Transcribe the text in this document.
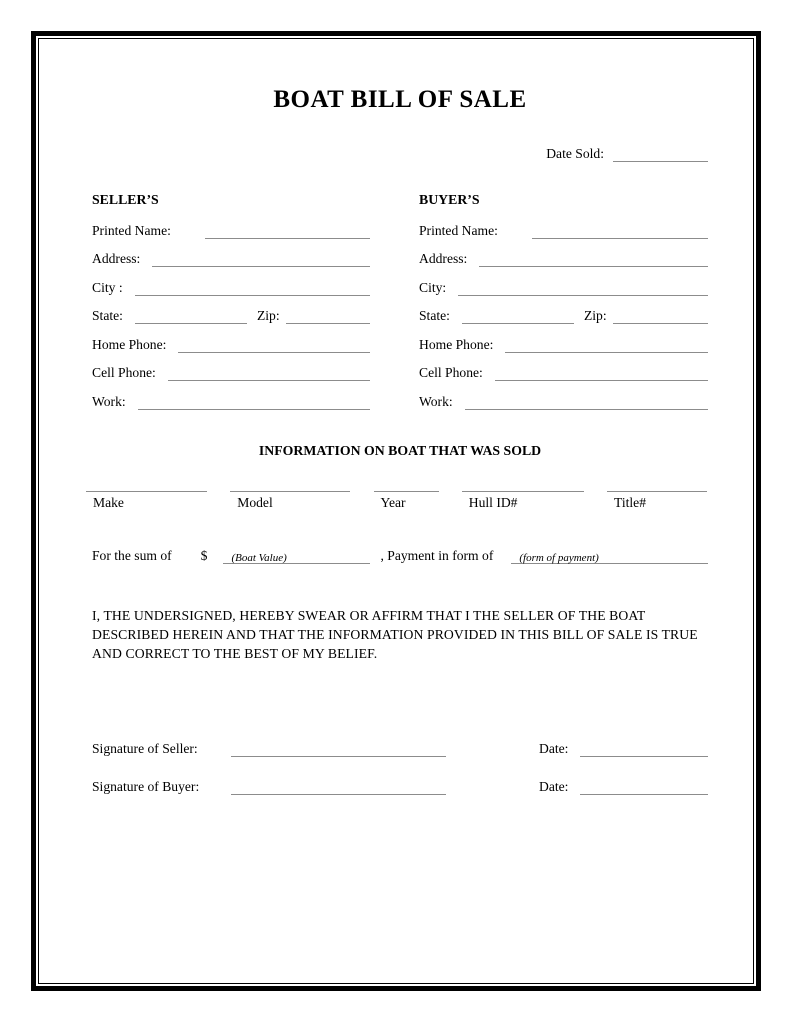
BOAT BILL OF SALE
Date Sold:
SELLER’S
Printed Name:
Address:
City :
State:	Zip:
Home Phone:
Cell Phone:
Work:
BUYER’S
Printed Name:
Address:
City:
State:	Zip:
Home Phone:
Cell Phone:
Work:
INFORMATION ON BOAT THAT WAS SOLD
Make	Model	Year	Hull ID#	Title#
For the sum of $ (Boat Value)	, Payment in form of (form of payment)
I, THE UNDERSIGNED, HEREBY SWEAR OR AFFIRM THAT I THE SELLER OF THE BOAT DESCRIBED HEREIN AND THAT THE INFORMATION PROVIDED IN THIS BILL OF SALE IS TRUE AND CORRECT TO THE BEST OF MY BELIEF.
Signature of Seller:	Date:
Signature of Buyer:	Date:
